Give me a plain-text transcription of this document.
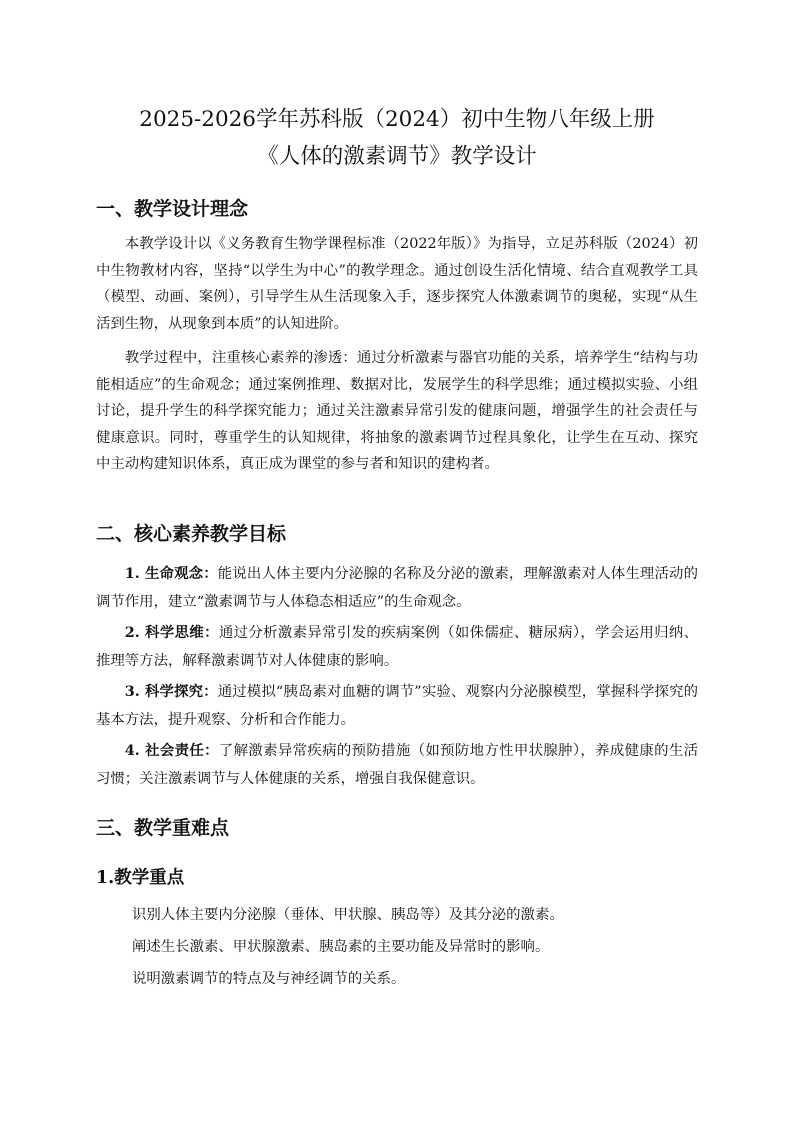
2025-2026学年苏科版（2024）初中生物八年级上册
《人体的激素调节》教学设计
一、教学设计理念

本教学设计以《义务教育生物学课程标准（2022年版）》为指导，立足苏科版（2024）初中生物教材内容，坚持“以学生为中心”的教学理念。通过创设生活化情境、结合直观教学工具（模型、动画、案例），引导学生从生活现象入手，逐步探究人体激素调节的奥秘，实现“从生活到生物，从现象到本质”的认知进阶。

教学过程中，注重核心素养的渗透：通过分析激素与器官功能的关系，培养学生“结构与功能相适应”的生命观念；通过案例推理、数据对比，发展学生的科学思维；通过模拟实验、小组讨论，提升学生的科学探究能力；通过关注激素异常引发的健康问题，增强学生的社会责任与健康意识。同时，尊重学生的认知规律，将抽象的激素调节过程具象化，让学生在互动、探究中主动构建知识体系，真正成为课堂的参与者和知识的建构者。

二、核心素养教学目标

1. 生命观念：能说出人体主要内分泌腺的名称及分泌的激素，理解激素对人体生理活动的调节作用，建立“激素调节与人体稳态相适应”的生命观念。

2. 科学思维：通过分析激素异常引发的疾病案例（如侏儒症、糖尿病），学会运用归纳、推理等方法，解释激素调节对人体健康的影响。

3. 科学探究：通过模拟“胰岛素对血糖的调节”实验、观察内分泌腺模型，掌握科学探究的基本方法，提升观察、分析和合作能力。

4. 社会责任：了解激素异常疾病的预防措施（如预防地方性甲状腺肿），养成健康的生活习惯；关注激素调节与人体健康的关系，增强自我保健意识。

三、教学重难点
1.教学重点
识别人体主要内分泌腺（垂体、甲状腺、胰岛等）及其分泌的激素。
阐述生长激素、甲状腺激素、胰岛素的主要功能及异常时的影响。
说明激素调节的特点及与神经调节的关系。
